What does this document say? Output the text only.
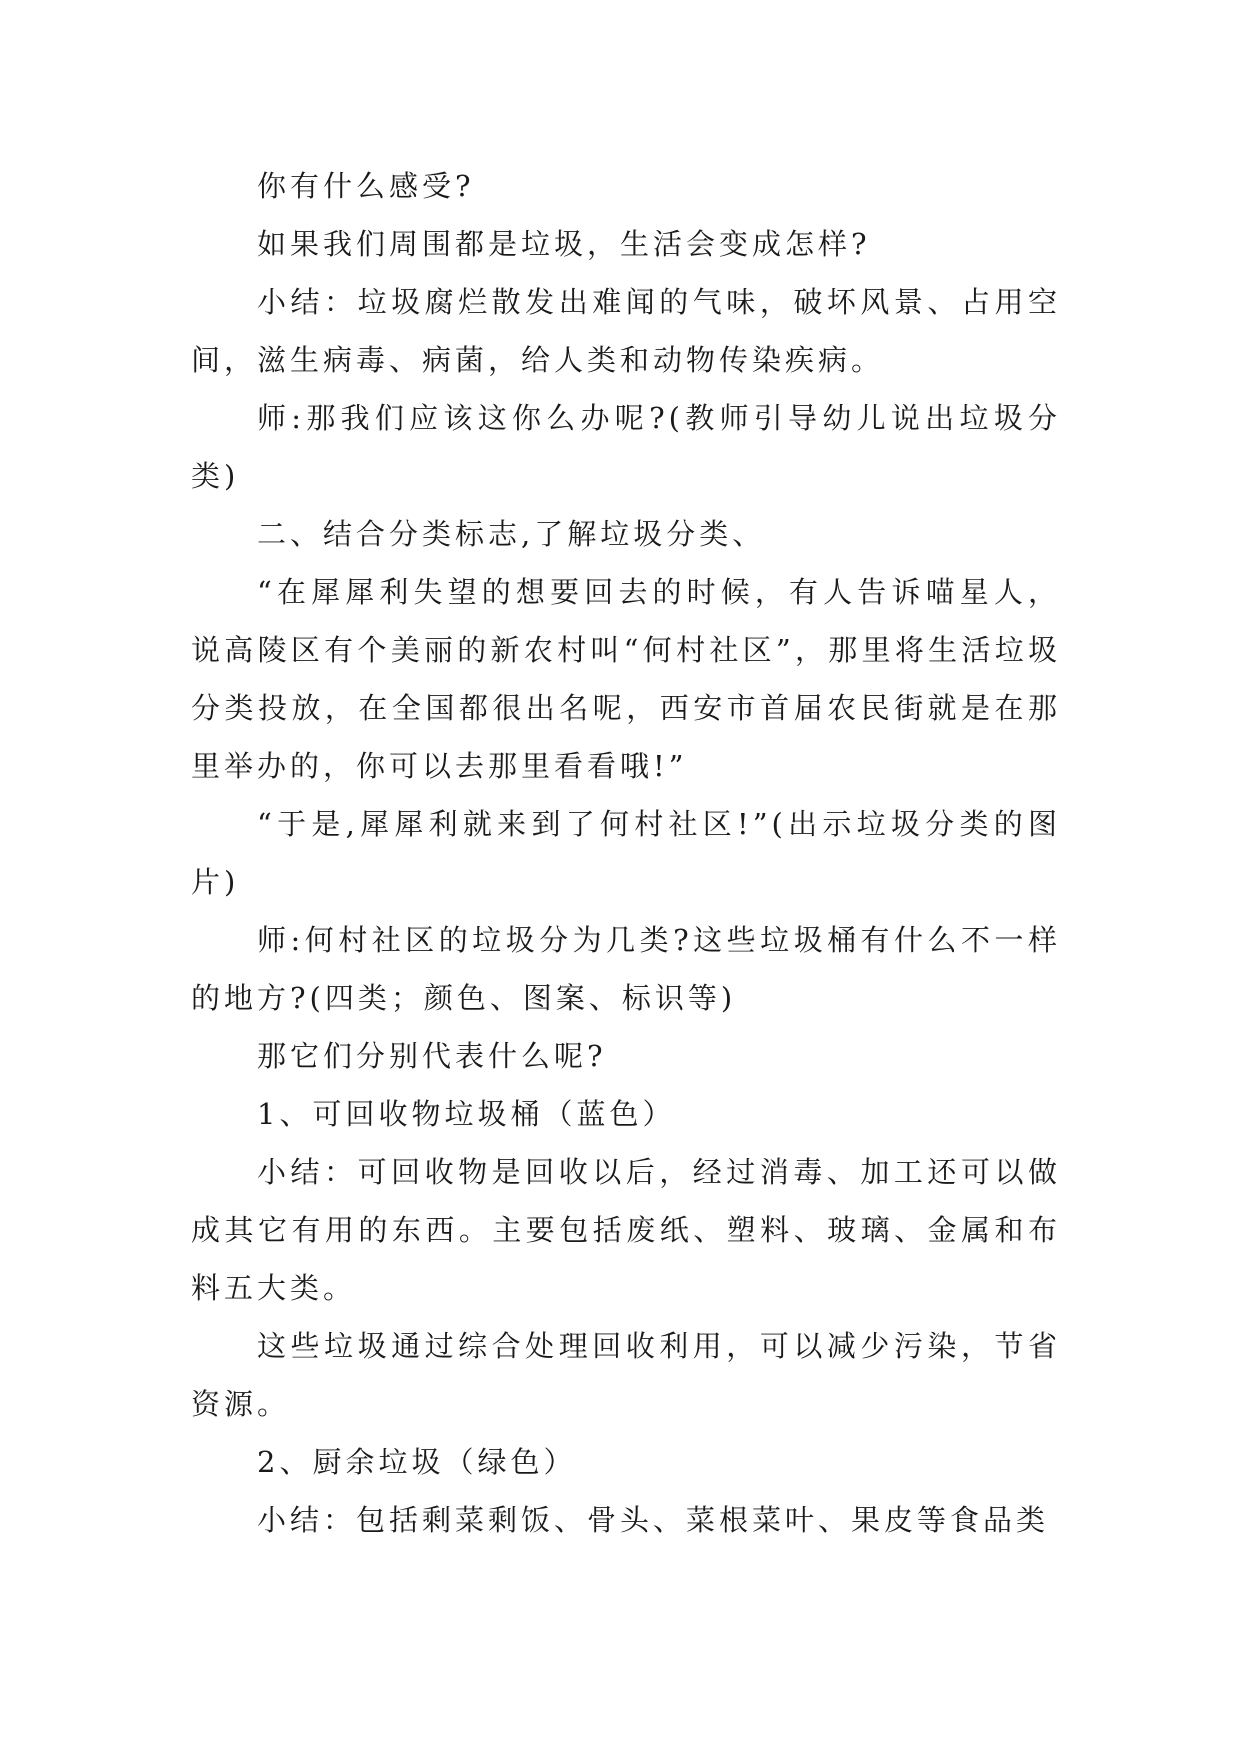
你有什么感受?

如果我们周围都是垃圾，生活会变成怎样?

小结：垃圾腐烂散发出难闻的气味，破坏风景、占用空间，滋生病毒、病菌，给人类和动物传染疾病。

师:那我们应该这你么办呢?(教师引导幼儿说出垃圾分类)

二、结合分类标志,了解垃圾分类、

“在犀犀利失望的想要回去的时候，有人告诉喵星人，说高陵区有个美丽的新农村叫“何村社区”，那里将生活垃圾分类投放，在全国都很出名呢，西安市首届农民街就是在那里举办的，你可以去那里看看哦!”

“于是,犀犀利就来到了何村社区!”(出示垃圾分类的图片)

师:何村社区的垃圾分为几类?这些垃圾桶有什么不一样的地方?(四类；颜色、图案、标识等)

那它们分别代表什么呢?

1、可回收物垃圾桶（蓝色）

小结：可回收物是回收以后，经过消毒、加工还可以做成其它有用的东西。主要包括废纸、塑料、玻璃、金属和布料五大类。

这些垃圾通过综合处理回收利用，可以减少污染，节省资源。

2、厨余垃圾（绿色）

小结：包括剩菜剩饭、骨头、菜根菜叶、果皮等食品类
